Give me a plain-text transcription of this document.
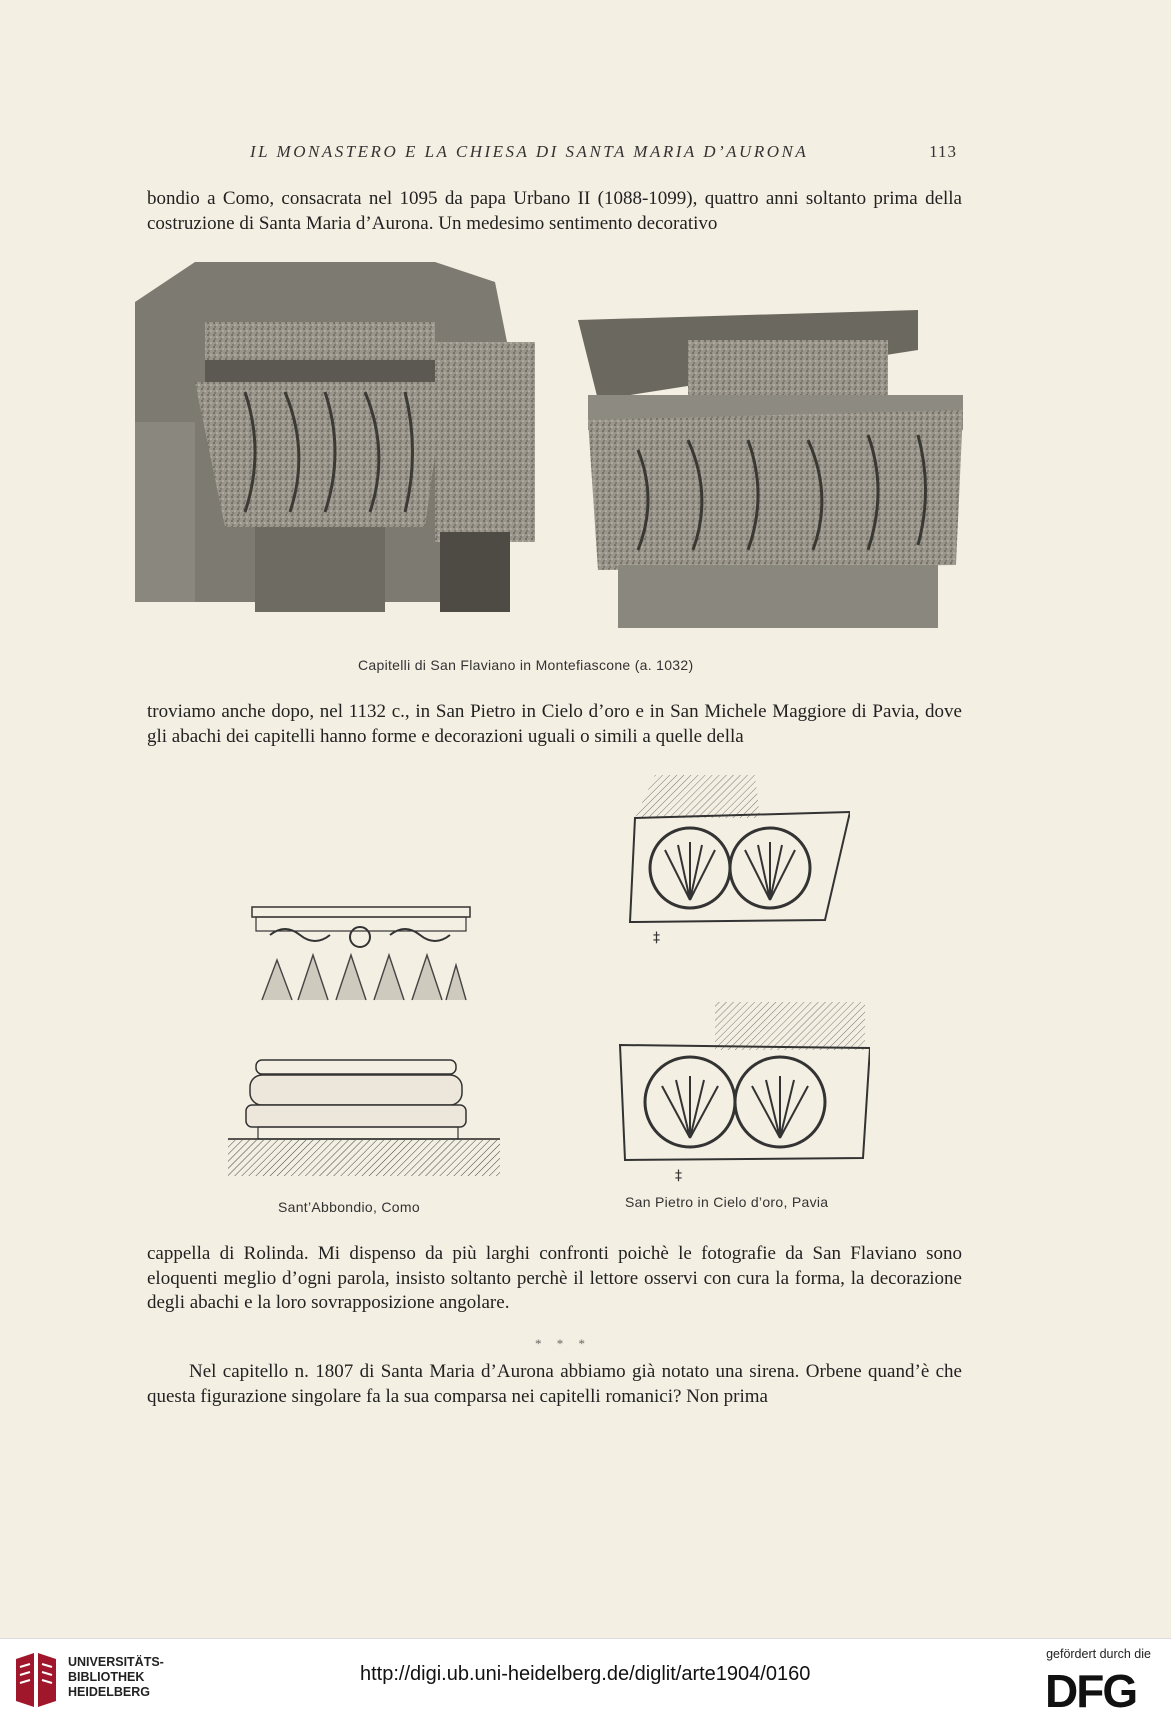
IL MONASTERO E LA CHIESA DI SANTA MARIA D’AURONA	113

bondio a Como, consacrata nel 1095 da papa Urbano II (1088-1099), quattro anni soltanto prima della costruzione di Santa Maria d’Aurona. Un medesimo sentimento decorativo

Capitelli di San Flaviano in Montefiascone (a. 1032)

troviamo anche dopo, nel 1132 c., in San Pietro in Cielo d’oro e in San Michele Maggiore di Pavia, dove gli abachi dei capitelli hanno forme e decorazioni uguali o simili a quelle della

Sant’Abbondio, Como
‡
‡
San Pietro in Cielo d’oro, Pavia

cappella di Rolinda. Mi dispenso da più larghi confronti poichè le fotografie da San Flaviano sono eloquenti meglio d’ogni parola, insisto soltanto perchè il lettore osservi con cura la forma, la decorazione degli abachi e la loro sovrapposizione angolare.

* * *

Nel capitello n. 1807 di Santa Maria d’Aurona abbiamo già notato una sirena. Orbene quand’è che questa figurazione singolare fa la sua comparsa nei capitelli romanici? Non prima

UNIVERSITÄTS-
BIBLIOTHEK
HEIDELBERG
http://digi.ub.uni-heidelberg.de/diglit/arte1904/0160
gefördert durch die
DFG
